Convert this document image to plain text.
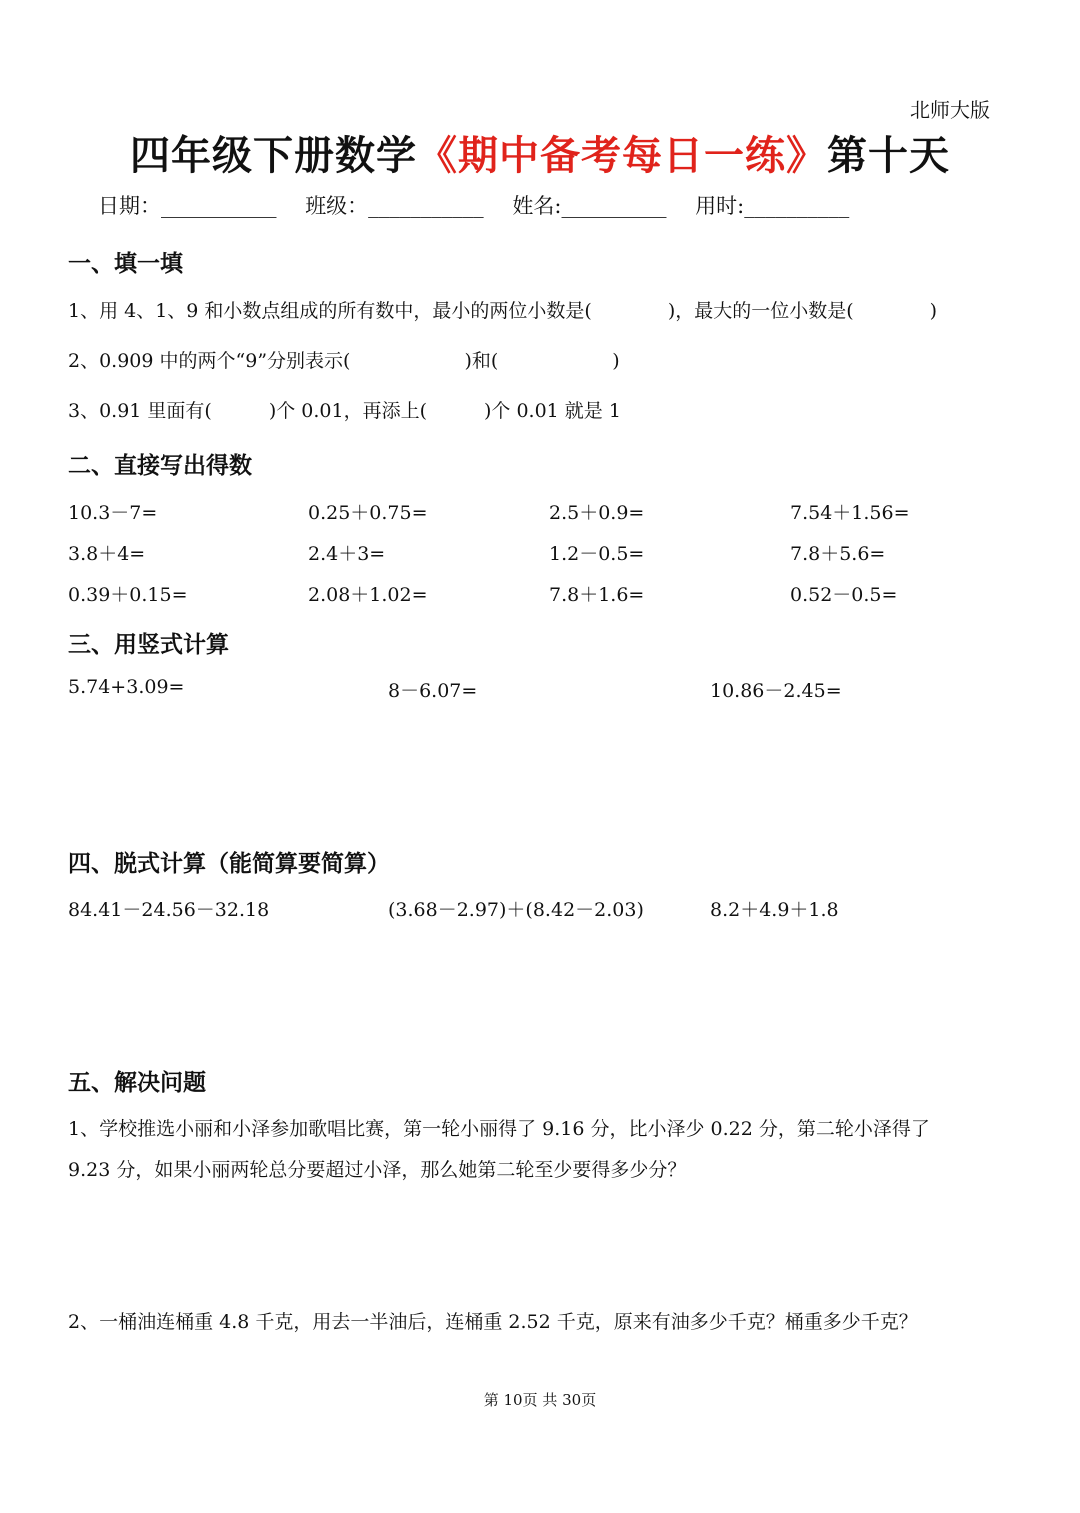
北师大版
四年级下册数学《期中备考每日一练》第十天
日期：___________ 班级：___________ 姓名:__________ 用时:__________
一、填一填
1、用 4、1、9 和小数点组成的所有数中，最小的两位小数是(　　　　)，最大的一位小数是(　　　　)
2、0.909 中的两个“9”分别表示(　　　　　　)和(　　　　　　)
3、0.91 里面有(　　　)个 0.01，再添上(　　　)个 0.01 就是 1
二、直接写出得数
10.3－7=	0.25＋0.75=	2.5＋0.9=	7.54＋1.56=
3.8＋4=	2.4＋3=	1.2－0.5=	7.8＋5.6=
0.39＋0.15=	2.08＋1.02=	7.8＋1.6=	0.52－0.5=
三、用竖式计算
5.74+3.09=	8－6.07=	10.86－2.45=
四、脱式计算（能简算要简算）
84.41－24.56－32.18	(3.68－2.97)＋(8.42－2.03)	8.2＋4.9＋1.8
五、解决问题
1、学校推选小丽和小泽参加歌唱比赛，第一轮小丽得了 9.16 分，比小泽少 0.22 分，第二轮小泽得了
9.23 分，如果小丽两轮总分要超过小泽，那么她第二轮至少要得多少分？
2、一桶油连桶重 4.8 千克，用去一半油后，连桶重 2.52 千克，原来有油多少千克？桶重多少千克？
第 10页 共 30页
